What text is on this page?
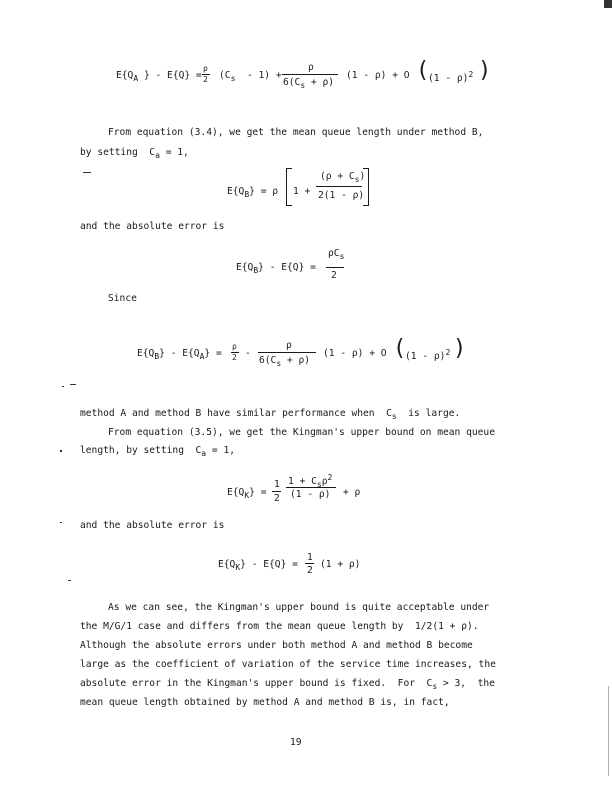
$E\{Q_A$ } - E{Q} =
ρ
2 $(C_s - 1)$ +
ρ
$6(C_s + \rho)$
(1 - ρ) + O (
(1 - ρ)$^2$ )
From equation (3.4), we get the mean queue length under method B,
by setting  $C_a = 1$,
$E\{Q_B\} = \rho$ 1 +
$(\rho + C_s)$
2(1 - ρ)
and the absolute error is
$E\{Q_B\} - E\{Q\}$ =
$\rho C_s$
2
Since
$E\{Q_B\} - E\{Q_A\}$ =
ρ
2 -
ρ
$6(C_s + \rho)$
(1 - ρ) + O (
(1 - ρ)$^2$ )
method A and method B have similar performance when  $C_s$  is large.
From equation (3.5), we get the Kingman's upper bound on mean queue
length, by setting  $C_a = 1$,
$E\{Q_K\}$ =
1
2
$1 + C_s\rho^2$
(1 - ρ) + ρ
and the absolute error is
$E\{Q_K\} - E\{Q\}$ =
1
2
(1 + ρ)
As we can see, the Kingman's upper bound is quite acceptable under
the M/G/1 case and differs from the mean queue length by  1/2(1 + ρ).
Although the absolute errors under both method A and method B become
large as the coefficient of variation of the service time increases, the
absolute error in the Kingman's upper bound is fixed.  For  $C_s > 3$,  the
mean queue length obtained by method A and method B is, in fact,
19
